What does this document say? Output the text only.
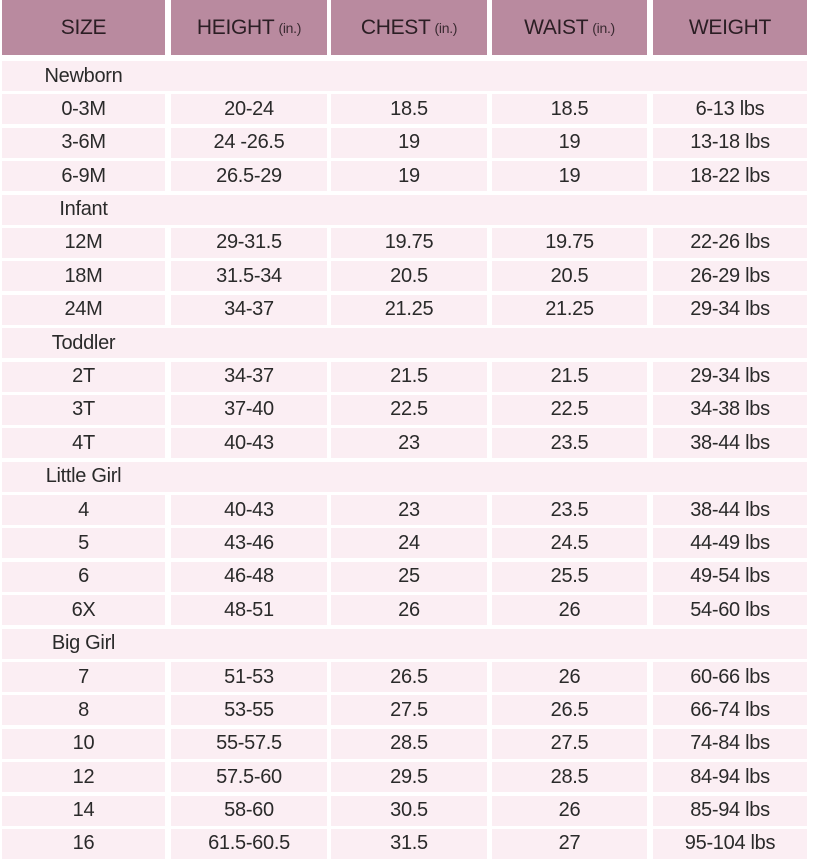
SIZE	HEIGHT (in.)	CHEST (in.)	WAIST (in.)	WEIGHT
Newborn
0-3M	20-24	18.5	18.5	6-13 lbs
3-6M	24 -26.5	19	19	13-18 lbs
6-9M	26.5-29	19	19	18-22 lbs
Infant
12M	29-31.5	19.75	19.75	22-26 lbs
18M	31.5-34	20.5	20.5	26-29 lbs
24M	34-37	21.25	21.25	29-34 lbs
Toddler
2T	34-37	21.5	21.5	29-34 lbs
3T	37-40	22.5	22.5	34-38 lbs
4T	40-43	23	23.5	38-44 lbs
Little Girl
4	40-43	23	23.5	38-44 lbs
5	43-46	24	24.5	44-49 lbs
6	46-48	25	25.5	49-54 lbs
6X	48-51	26	26	54-60 lbs
Big Girl
7	51-53	26.5	26	60-66 lbs
8	53-55	27.5	26.5	66-74 lbs
10	55-57.5	28.5	27.5	74-84 lbs
12	57.5-60	29.5	28.5	84-94 lbs
14	58-60	30.5	26	85-94 lbs
16	61.5-60.5	31.5	27	95-104 lbs
